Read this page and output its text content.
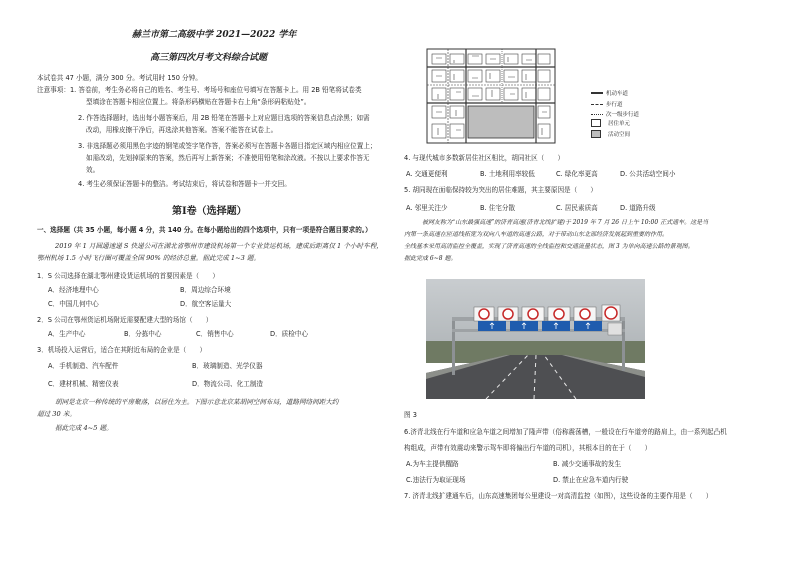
赫兰市第二高级中学 2021—2022 学年
高三第四次月考文科综合试题
本试卷共 47 小题，满分 300 分。考试用时 150 分钟。
注意事项：1. 答卷前，考生务必将自己的姓名、考生号、考场号和座位号填写在答题卡上。用 2B 铅笔将试卷类
型填涂在答题卡相应位置上。将条形码横贴在答题卡右上角“条形码粘贴处”。
2. 作答选择题时，选出每小题答案后，用 2B 铅笔在答题卡上对应题目选项的答案信息点涂黑；如需
改动，用橡皮擦干净后，再选涂其他答案。答案不能答在试卷上。
3. 非选择题必须用黑色字迹的钢笔或签字笔作答，答案必须写在答题卡各题目指定区域内相应位置上；
如需改动，先划掉原来的答案，然后再写上新答案；不准使用铅笔和涂改液。不按以上要求作答无
效。
4. 考生必须保证答题卡的整洁。考试结束后，将试卷和答题卡一并交回。
第Ⅰ卷（选择题）
一、选择题（共 35 小题，每小题 4 分，共 140 分。在每小题给出的四个选项中，只有一项是符合题目要求的。）
2019 年 1 月圆通速递 S 快递公司在湖北省鄂州市建设机场第一个专业货运机场，建成后距离仅 1 个小时车程，
鄂州机场 1.5 小时飞行圈可覆盖全国 90% 的经济总量。据此完成 1~3 题。
1．S 公司选择在湖北鄂州建设货运机场的首要因素是（　　）
A．经济地理中心	B．周边综合环境
C．中国几何中心	D．航空客运量大
2．S 公司在鄂州货运机场附近需要配建大型的场馆（　　）
A．生产中心	B．分拣中心	C．销售中心	D．质检中心
3．机场投入运营后，适合在其附近布局的企业是（　　）
A．手机制造、汽车配件	B．玻璃制造、光学仪器
C．建材机械、精密仪表	D．物流公司、化工制造
胡同是北京一种传统的平房聚落，以居住为主。下图示意北京某胡同空间布局，道路网络间距大约
超过 30 米。
据此完成 4~5 题。
机动车道
步行道
次一级步行道
居住单元
活动空间
4. 与现代城市多数新居住社区相比，胡同社区（　　）
A. 交通更便利	B. 土地利用率较低	C. 绿化率更高	D. 公共活动空间小
5. 胡同现在面临保持较为突出的居住难题，其主要原因是（　　）
A. 邻里关注少	B. 住宅分散	C. 居民素质高	D. 道路升级
被网友称为“山东最强高速”的济青高速(济青北线扩建)于 2019 年 7 月 26 日上午 10:00 正式通车。这是当
内第一条高速在匝道线拓宽为双向八车道的高速公路，对于带动山东北部经济发展起到重要的作用。
全线基本采用高清监控全覆盖，实现了济青高速的全线监控和交通流量状态，图 3 为单向高速公路的景观图。
据此完成 6~8 题。
图 3
6.济青北线在行车道和应急车道之间增加了隆声带（俗称震荡槽，一般设在行车道旁的路肩上，由一系列起凸机
构组成，声带有效震动来警示驾车即将偏出行车道的司机），其根本目的在于（　　）
A.为车主提供醒路	B. 减少交通事故的发生
C.违法行为取证现场	D. 禁止在应急车道内行驶
7. 济青北线扩建通车后，山东高速集团每公里建设一对高清监控（如图），这些设备的主要作用是（　　）
